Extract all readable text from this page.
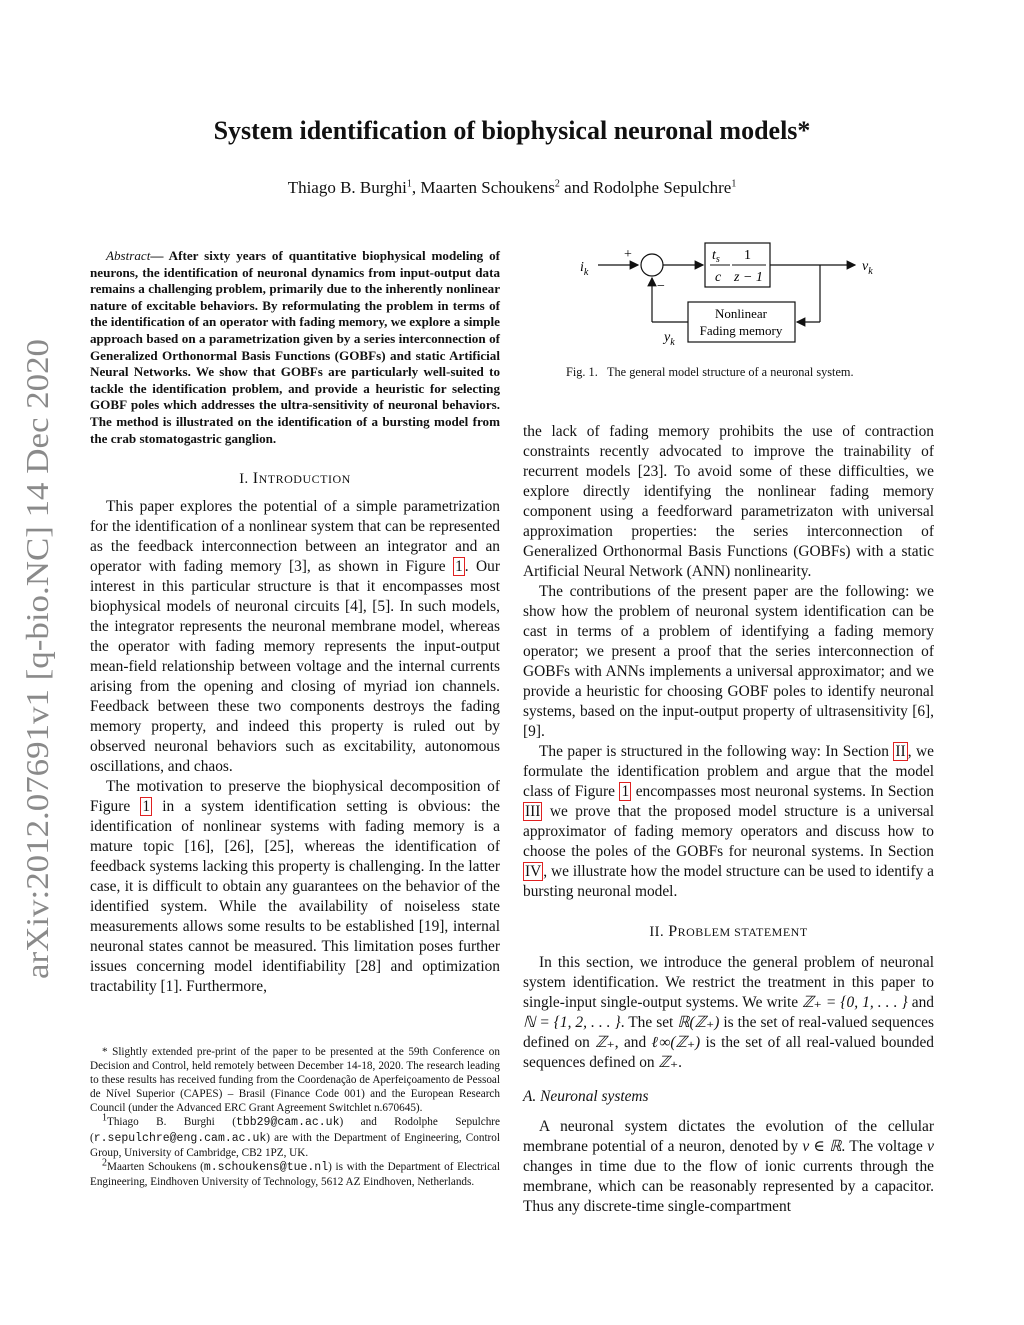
arXiv:2012.07691v1 [q-bio.NC] 14 Dec 2020
System identification of biophysical neuronal models*
Thiago B. Burghi$^1$, Maarten Schoukens$^2$ and Rodolphe Sepulchre$^1$
Abstract— After sixty years of quantitative biophysical modeling of neurons, the identification of neuronal dynamics from input-output data remains a challenging problem, primarily due to the inherently nonlinear nature of excitable behaviors. By reformulating the problem in terms of the identification of an operator with fading memory, we explore a simple approach based on a parametrization given by a series interconnection of Generalized Orthonormal Basis Functions (GOBFs) and static Artificial Neural Networks. We show that GOBFs are particularly well-suited to tackle the identification problem, and provide a heuristic for selecting GOBF poles which addresses the ultra-sensitivity of neuronal behaviors. The method is illustrated on the identification of a bursting model from the crab stomatogastric ganglion.
I. INTRODUCTION

This paper explores the potential of a simple parametrization for the identification of a nonlinear system that can be represented as the feedback interconnection between an integrator and an operator with fading memory [3], as shown in Figure 1 . Our interest in this particular structure is that it encompasses most biophysical models of neuronal circuits [4], [5]. In such models, the integrator represents the neuronal membrane model, whereas the operator with fading memory represents the input-output mean-field relationship between voltage and the internal currents arising from the opening and closing of myriad ion channels. Feedback between these two components destroys the fading memory property, and indeed this property is ruled out by observed neuronal behaviors such as excitability, autonomous oscillations, and chaos.

The motivation to preserve the biophysical decomposition of Figure 1 in a system identification setting is obvious: the identification of nonlinear systems with fading memory is a mature topic [16], [26], [25], whereas the identification of feedback systems lacking this property is challenging. In the latter case, it is difficult to obtain any guarantees on the behavior of the identified system. While the availability of noiseless state measurements allows some results to be established [19], internal neuronal states cannot be measured. This limitation poses further issues concerning model identifiability [28] and optimization tractability [1]. Furthermore,

* Slightly extended pre-print of the paper to be presented at the 59th Conference on Decision and Control, held remotely between December 14-18, 2020. The research leading to these results has received funding from the Coordenação de Aperfeiçoamento de Pessoal de Nível Superior (CAPES) – Brasil (Finance Code 001) and the European Research Council (under the Advanced ERC Grant Agreement Switchlet n.670645).

$^1$Thiago B. Burghi (tbb29@cam.ac.uk) and Rodolphe Sepulchre (r.sepulchre@eng.cam.ac.uk) are with the Department of Engineering, Control Group, University of Cambridge, CB2 1PZ, UK.

$^2$Maarten Schoukens (m.schoukens@tue.nl) is with the Department of Electrical Engineering, Eindhoven University of Technology, 5612 AZ Eindhoven, Netherlands.

$i_k$
+
−
$t_s$
c
1
z − 1
$v_k$
Nonlinear
Fading memory
$y_k$
Fig. 1. The general model structure of a neuronal system.

the lack of fading memory prohibits the use of contraction constraints recently advocated to improve the trainability of recurrent models [23]. To avoid some of these difficulties, we explore directly identifying the nonlinear fading memory component using a feedforward parametrizaton with universal approximation properties: the series interconnection of Generalized Orthonormal Basis Functions (GOBFs) with a static Artificial Neural Network (ANN) nonlinearity.

The contributions of the present paper are the following: we show how the problem of neuronal system identification can be cast in terms of a problem of identifying a fading memory operator; we present a proof that the series interconnection of GOBFs with ANNs implements a universal approximator; and we provide a heuristic for choosing GOBF poles to identify neuronal systems, based on the input-output property of ultrasensitivity [6], [9].

The paper is structured in the following way: In Section II , we formulate the identification problem and argue that the model class of Figure 1 encompasses most neuronal systems. In Section III we prove that the proposed model structure is a universal approximator of fading memory operators and discuss how to choose the poles of the GOBFs for neuronal systems. In Section IV , we illustrate how the model structure can be used to identify a bursting neuronal model.

II. PROBLEM STATEMENT

In this section, we introduce the general problem of neuronal system identification. We restrict the treatment in this paper to single-input single-output systems. We write ℤ₊ = {0, 1, . . . } and ℕ = {1, 2, . . . }. The set ℝ(ℤ₊) is the set of real-valued sequences defined on ℤ₊, and ℓ∞(ℤ₊) is the set of all real-valued bounded sequences defined on ℤ₊.

A. Neuronal systems

A neuronal system dictates the evolution of the cellular membrane potential of a neuron, denoted by v ∈ ℝ. The voltage v changes in time due to the flow of ionic currents through the membrane, which can be reasonably represented by a capacitor. Thus any discrete-time single-compartment
